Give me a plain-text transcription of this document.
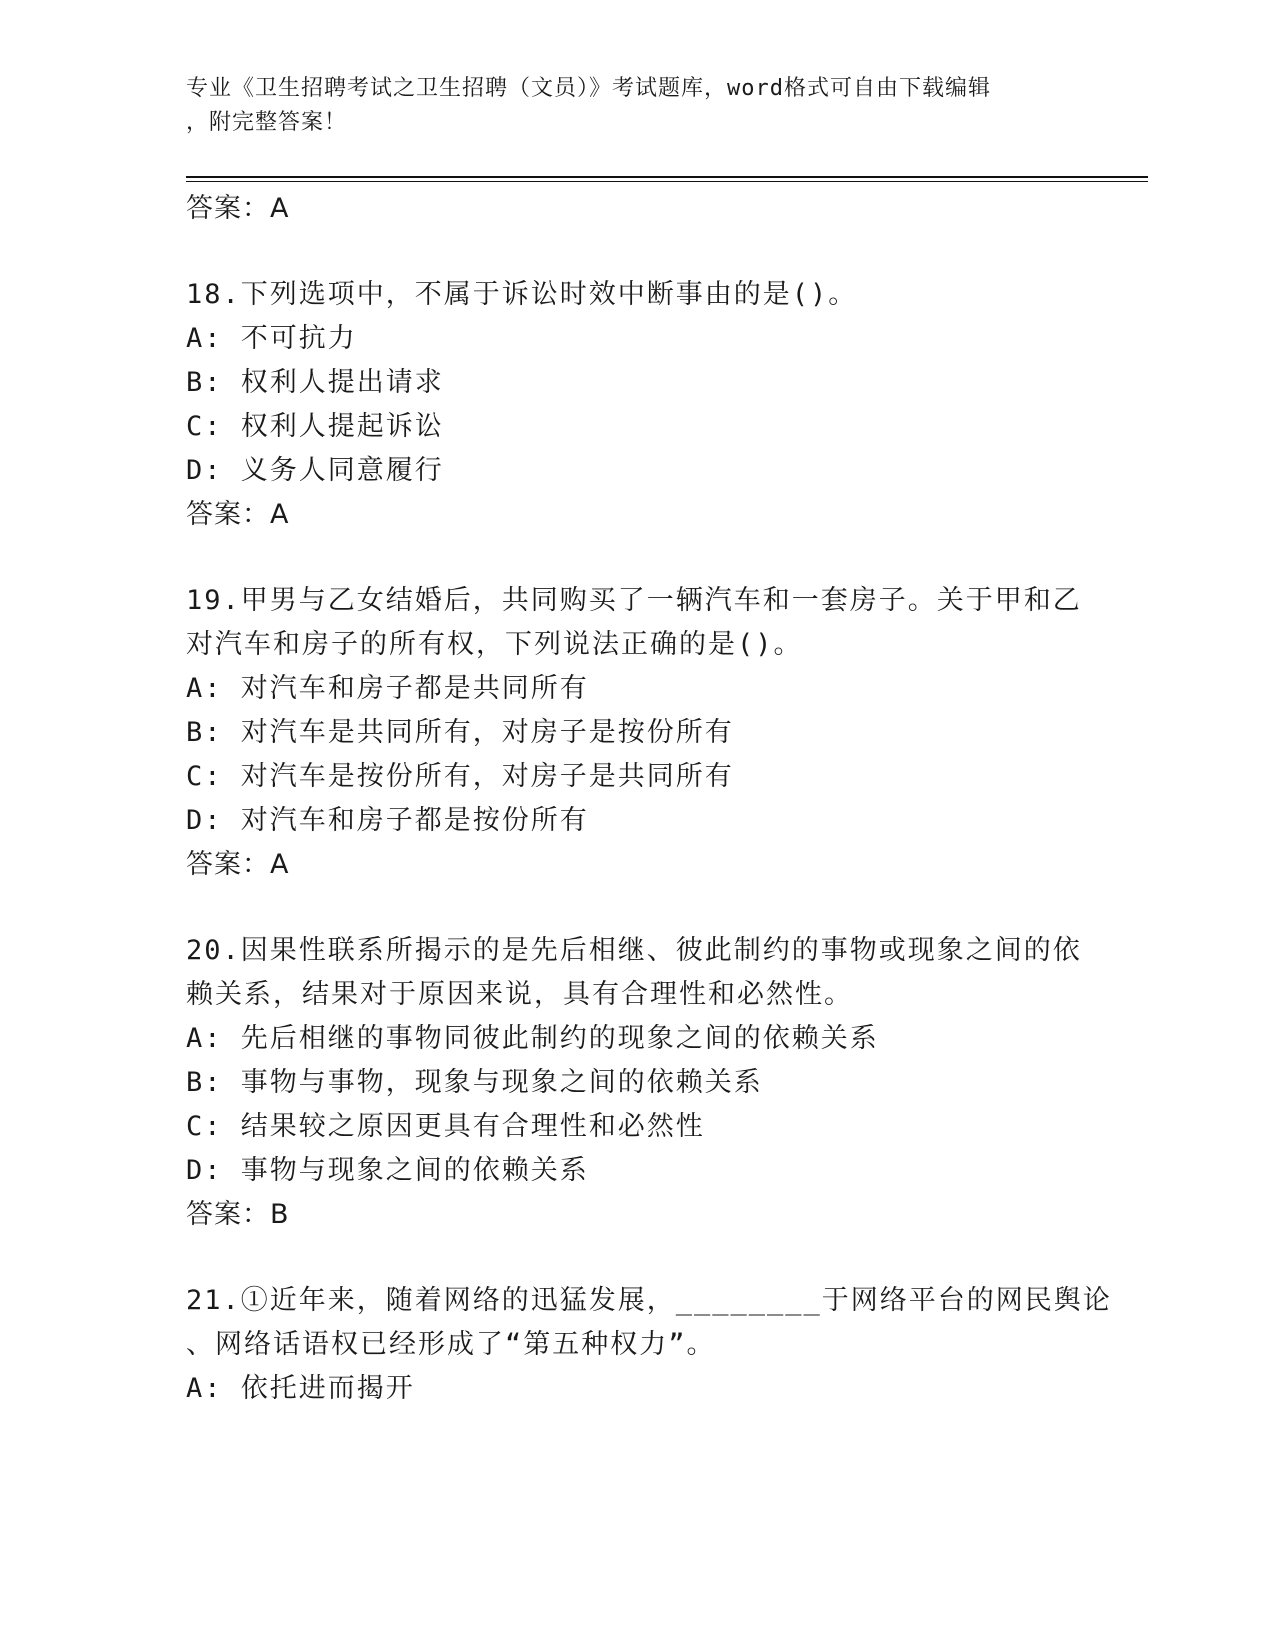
专业《卫生招聘考试之卫生招聘（文员）》考试题库，word格式可自由下载编辑
，附完整答案！
答案：A
18.下列选项中，不属于诉讼时效中断事由的是()。
A: 不可抗力
B: 权利人提出请求
C: 权利人提起诉讼
D: 义务人同意履行
答案：A
19.甲男与乙女结婚后，共同购买了一辆汽车和一套房子。关于甲和乙
对汽车和房子的所有权，下列说法正确的是()。
A: 对汽车和房子都是共同所有
B: 对汽车是共同所有，对房子是按份所有
C: 对汽车是按份所有，对房子是共同所有
D: 对汽车和房子都是按份所有
答案：A
20.因果性联系所揭示的是先后相继、彼此制约的事物或现象之间的依
赖关系，结果对于原因来说，具有合理性和必然性。
A: 先后相继的事物同彼此制约的现象之间的依赖关系
B: 事物与事物，现象与现象之间的依赖关系
C: 结果较之原因更具有合理性和必然性
D: 事物与现象之间的依赖关系
答案：B
21.①近年来，随着网络的迅猛发展，________于网络平台的网民舆论
、网络话语权已经形成了“第五种权力”。
A: 依托进而揭开
